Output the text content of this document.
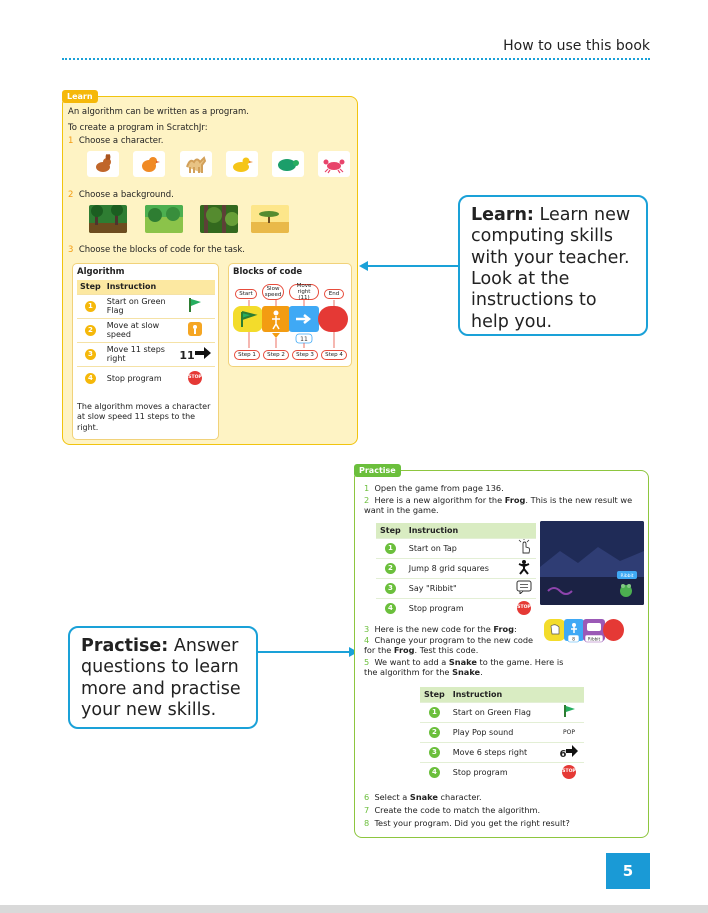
How to use this book
Learn
An algorithm can be written as a program.
To create a program in ScratchJr:
1 Choose a character.
2 Choose a background.
3 Choose the blocks of code for the task.
Algorithm
Step	Instruction	
1	Start on Green Flag	
2	Move at slow speed	
3	Move 11 steps right	11
4	Stop program	STOP
The algorithm moves a character at slow speed 11 steps to the right.
Blocks of code
Start
Slow speed
Move right (11)
End
11
Step 1	Step 2	Step 3	Step 4
Learn: Learn new computing skills with your teacher. Look at the instructions to help you.
Practise: Answer questions to learn more and practise your new skills.
Practise
1 Open the game from page 136.
2 Here is a new algorithm for the Frog. This is the new result we want in the game.
Step	Instruction	
1	Start on Tap	
2	Jump 8 grid squares	
3	Say "Ribbit"	
4	Stop program	STOP
Ribbit
3 Here is the new code for the Frog:
8	Ribbit
4 Change your program to the new code for the Frog. Test this code.
5 We want to add a Snake to the game. Here is the algorithm for the Snake.
Step	Instruction	
1	Start on Green Flag	
2	Play Pop sound	POP
3	Move 6 steps right	6
4	Stop program	STOP
6 Select a Snake character.
7 Create the code to match the algorithm.
8 Test your program. Did you get the right result?
5
